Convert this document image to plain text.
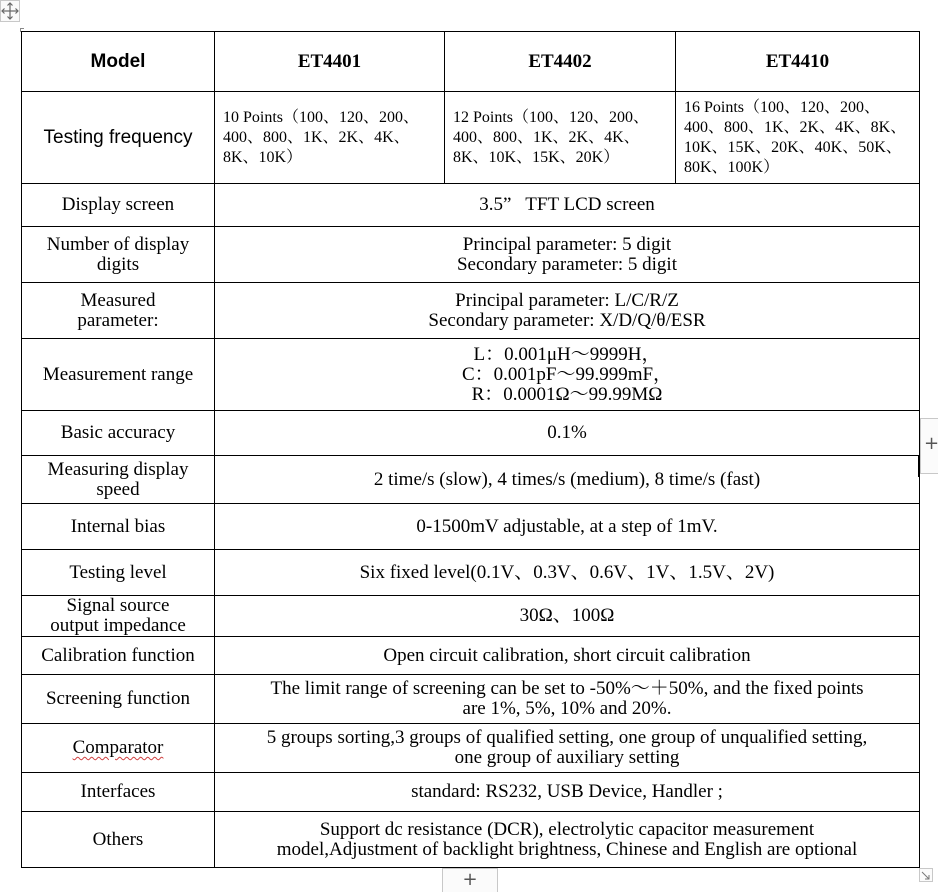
Model	ET4401	ET4402	ET4410
Testing frequency	10 Points（100、120、200、
400、800、1K、2K、4K、
8K、10K）	12 Points（100、120、200、
400、800、1K、2K、4K、
8K、10K、15K、20K）	16 Points（100、120、200、
400、800、1K、2K、4K、8K、
10K、15K、20K、40K、50K、
80K、100K）

Display screen	3.5”   TFT LCD screen		

Number of display
digits	Principal parameter: 5 digit
Secondary parameter: 5 digit		

Measured
parameter:	Principal parameter: L/C/R/Z
Secondary parameter: X/D/Q/θ/ESR		

Measurement range	L：0.001μH～9999H，
C：0.001pF～99.999mF，
R：0.0001Ω～99.99MΩ		

Basic accuracy	0.1%		

Measuring display
speed	2 time/s (slow), 4 times/s (medium), 8 time/s (fast)		

Internal bias	0-1500mV adjustable, at a step of 1mV.		

Testing level	Six fixed level(0.1V、0.3V、0.6V、1V、1.5V、2V)		

Signal source
output impedance	30Ω、100Ω		

Calibration function	Open circuit calibration, short circuit calibration		

Screening function	The limit range of screening can be set to -50%～＋50%, and the fixed points
are 1%, 5%, 10% and 20%.		

Comparator	5 groups sorting,3 groups of qualified setting, one group of unqualified setting,
one group of auxiliary setting		

Interfaces	standard: RS232, USB Device, Handler ;		

Others	Support dc resistance (DCR), electrolytic capacitor measurement
model,Adjustment of backlight brightness, Chinese and English are optional		
+
+
